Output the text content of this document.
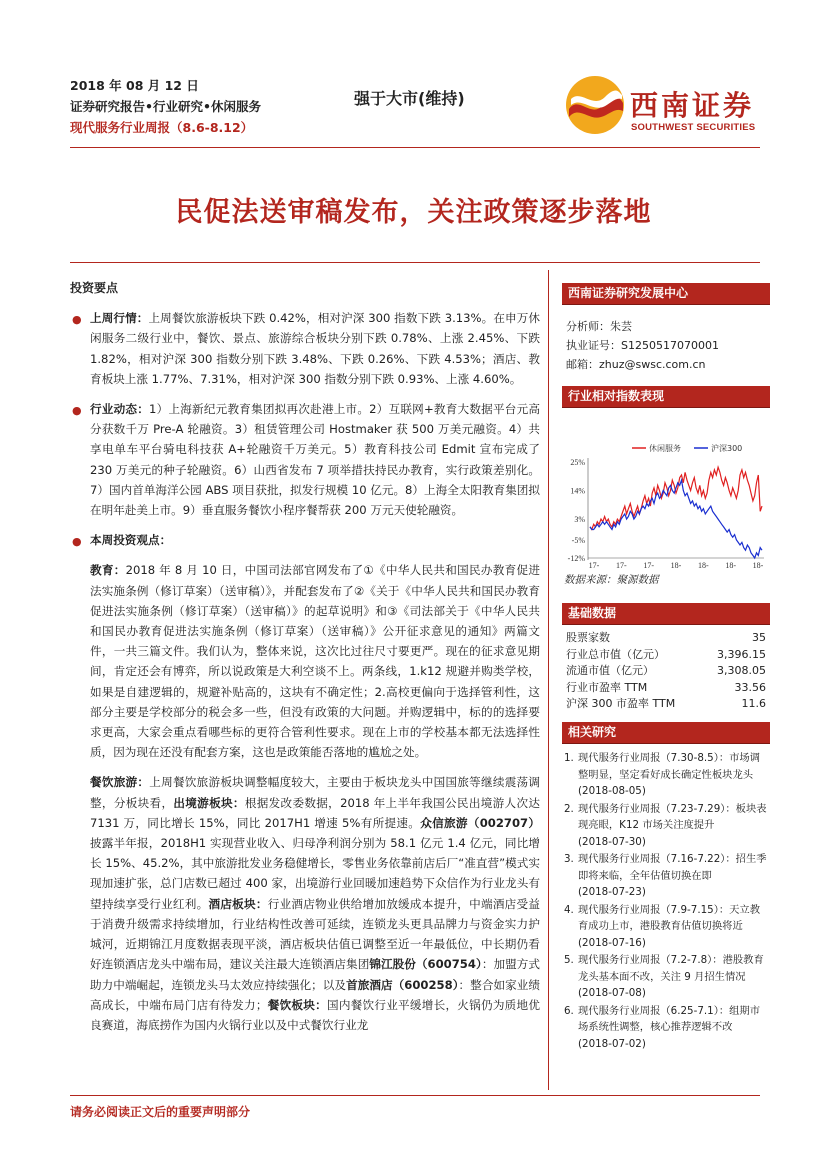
2018 年 08 月 12 日
证券研究报告•行业研究•休闲服务
现代服务行业周报（8.6-8.12）
强于大市(维持)	西南证券
SOUTHWEST SECURITIES
民促法送审稿发布，关注政策逐步落地
投资要点
● 上周行情：上周餐饮旅游板块下跌 0.42%，相对沪深 300 指数下跌 3.13%。在申万休闲服务二级行业中，餐饮、景点、旅游综合板块分别下跌 0.78%、上涨 2.45%、下跌 1.82%，相对沪深 300 指数分别下跌 3.48%、下跌 0.26%、下跌 4.53%；酒店、教育板块上涨 1.77%、7.31%，相对沪深 300 指数分别下跌 0.93%、上涨 4.60%。

● 行业动态：1）上海新纪元教育集团拟再次赴港上市。2）互联网+教育大数据平台元高分获数千万 Pre-A 轮融资。3）租赁管理公司 Hostmaker 获 500 万美元融资。4）共享电单车平台骑电科技获 A+轮融资千万美元。5）教育科技公司 Edmit 宣布完成了 230 万美元的种子轮融资。6）山西省发布 7 项举措扶持民办教育，实行政策差别化。7）国内首单海洋公园 ABS 项目获批，拟发行规模 10 亿元。8）上海全太阳教育集团拟在明年赴美上市。9）垂直服务餐饮小程序餐帮获 200 万元天使轮融资。

● 本周投资观点：

教育：2018 年 8 月 10 日，中国司法部官网发布了①《中华人民共和国民办教育促进法实施条例（修订草案）（送审稿）》，并配套发布了②《关于《中华人民共和国民办教育促进法实施条例（修订草案）（送审稿）》的起草说明》和③《司法部关于《中华人民共和国民办教育促进法实施条例（修订草案）（送审稿）》公开征求意见的通知》两篇文件，一共三篇文件。我们认为，整体来说，这次比过往尺寸要更严。现在的征求意见期间，肯定还会有博弈，所以说政策是大利空谈不上。两条线，1.k12 规避并购类学校，如果是自建逻辑的，规避补贴高的，这块有不确定性；2.高校更偏向于选择管利性，这部分主要是学校部分的税会多一些，但没有政策的大问题。并购逻辑中，标的的选择要求更高，大家会重点看哪些标的更符合管利性要求。现在上市的学校基本都无法选择性质，因为现在还没有配套方案，这也是政策能否落地的尴尬之处。

餐饮旅游：上周餐饮旅游板块调整幅度较大，主要由于板块龙头中国国旅等继续震荡调整，分板块看，出境游板块：根据发改委数据，2018 年上半年我国公民出境游人次达 7131 万，同比增长 15%，同比 2017H1 增速 5%有所提速。众信旅游（002707）披露半年报，2018H1 实现营业收入、归母净利润分别为 58.1 亿元 1.4 亿元，同比增长 15%、45.2%，其中旅游批发业务稳健增长，零售业务依靠前店后厂“准直营”模式实现加速扩张，总门店数已超过 400 家，出境游行业回暖加速趋势下众信作为行业龙头有望持续享受行业红利。酒店板块：行业酒店物业供给增加放缓成本提升，中端酒店受益于消费升级需求持续增加，行业结构性改善可延续，连锁龙头更具品牌力与资金实力护城河，近期锦江月度数据表现平淡，酒店板块估值已调整至近一年最低位，中长期仍看好连锁酒店龙头中端布局，建议关注最大连锁酒店集团锦江股份（600754）：加盟方式助力中端崛起，连锁龙头马太效应持续强化；以及首旅酒店（600258）：整合如家业绩高成长，中端布局门店有待发力；餐饮板块：国内餐饮行业平缓增长，火锅仍为质地优良赛道，海底捞作为国内火锅行业以及中式餐饮行业龙

西南证券研究发展中心
分析师：朱芸
执业证号：S1250517070001
邮箱：zhuz@swsc.com.cn
行业相对指数表现
休闲服务	沪深300
25%
14%
3%
-5%
-12%
17- 17- 17- 18- 18- 18- 18-
数据来源：聚源数据
基础数据
股票家数	35
行业总市值（亿元）	3,396.15
流通市值（亿元）	3,308.05
行业市盈率 TTM	33.56
沪深 300 市盈率 TTM	11.6
相关研究
1. 现代服务行业周报（7.30-8.5）：市场调整明显，坚定看好成长确定性板块龙头
(2018-08-05)
2. 现代服务行业周报（7.23-7.29）：板块表现亮眼，K12 市场关注度提升
(2018-07-30)
3. 现代服务行业周报（7.16-7.22）：招生季即将来临，全年估值切换在即
(2018-07-23)
4. 现代服务行业周报（7.9-7.15）：天立教育成功上市，港股教育估值切换将近
(2018-07-16)
5. 现代服务行业周报（7.2-7.8）：港股教育龙头基本面不改，关注 9 月招生情况
(2018-07-08)
6. 现代服务行业周报（6.25-7.1）：组期市场系统性调整，核心推荐逻辑不改
(2018-07-02)
请务必阅读正文后的重要声明部分
